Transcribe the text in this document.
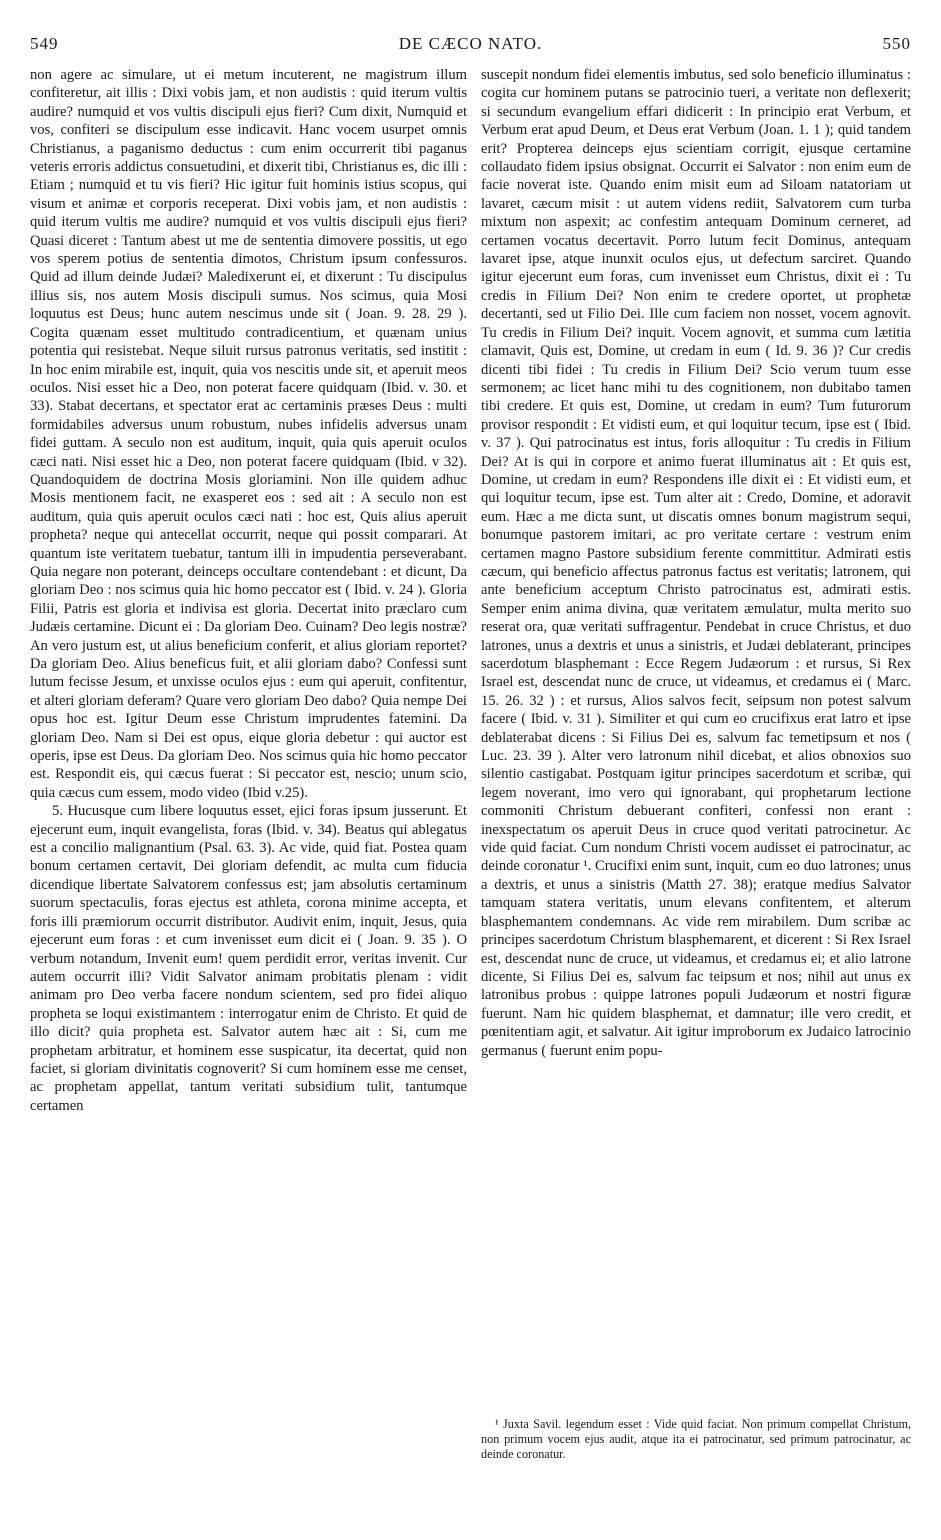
549	DE CÆCO NATO.	550

non agere ac simulare, ut ei metum incuterent, ne magistrum illum confiteretur, ait illis : Dixi vobis jam, et non audistis : quid iterum vultis audire? numquid et vos vultis discipuli ejus fieri? Cum dixit, Numquid et vos, confiteri se discipulum esse indicavit. Hanc vocem usurpet omnis Christianus, a paganismo deductus : cum enim occurrerit tibi paganus veteris erroris addictus consuetudini, et dixerit tibi, Christianus es, dic illi : Etiam ; numquid et tu vis fieri? Hic igitur fuit hominis istius scopus, qui visum et animæ et corporis receperat. Dixi vobis jam, et non audistis : quid iterum vultis me audire? numquid et vos vultis discipuli ejus fieri? Quasi diceret : Tantum abest ut me de sententia dimovere possitis, ut ego vos sperem potius de sententia dimotos, Christum ipsum confessuros. Quid ad illum deinde Judæi? Maledixerunt ei, et dixerunt : Tu discipulus illius sis, nos autem Mosis discipuli sumus. Nos scimus, quia Mosi loquutus est Deus; hunc autem nescimus unde sit ( Joan. 9. 28. 29 ). Cogita quænam esset multitudo contradicentium, et quænam unius potentia qui resistebat. Neque siluit rursus patronus veritatis, sed institit : In hoc enim mirabile est, inquit, quia vos nescitis unde sit, et aperuit meos oculos. Nisi esset hic a Deo, non poterat facere quidquam (Ibid. v. 30. et 33). Stabat decertans, et spectator erat ac certaminis præses Deus : multi formidabiles adversus unum robustum, nubes infidelis adversus unam fidei guttam. A seculo non est auditum, inquit, quia quis aperuit oculos cæci nati. Nisi esset hic a Deo, non poterat facere quidquam (Ibid. v 32). Quandoquidem de doctrina Mosis gloriamini. Non ille quidem adhuc Mosis mentionem facit, ne exasperet eos : sed ait : A seculo non est auditum, quia quis aperuit oculos cæci nati : hoc est, Quis alius aperuit propheta? neque qui antecellat occurrit, neque qui possit comparari. At quantum iste veritatem tuebatur, tantum illi in impudentia perseverabant. Quia negare non poterant, deinceps occultare contendebant : et dicunt, Da gloriam Deo : nos scimus quia hic homo peccator est ( Ibid. v. 24 ). Gloria Filii, Patris est gloria et indivisa est gloria. Decertat inito præclaro cum Judæis certamine. Dicunt ei : Da gloriam Deo. Cuinam? Deo legis nostræ? An vero justum est, ut alius beneficium conferit, et alius gloriam reportet? Da gloriam Deo. Alius beneficus fuit, et alii gloriam dabo? Confessi sunt lutum fecisse Jesum, et unxisse oculos ejus : eum qui aperuit, confitentur, et alteri gloriam deferam? Quare vero gloriam Deo dabo? Quia nempe Dei opus hoc est. Igitur Deum esse Christum imprudentes fatemini. Da gloriam Deo. Nam si Dei est opus, eique gloria debetur : qui auctor est operis, ipse est Deus. Da gloriam Deo. Nos scimus quia hic homo peccator est. Respondit eis, qui cæcus fuerat : Si peccator est, nescio; unum scio, quia cæcus cum essem, modo video (Ibid v.25).

5. Hucusque cum libere loquutus esset, ejici foras ipsum jusserunt. Et ejecerunt eum, inquit evangelista, foras (Ibid. v. 34). Beatus qui ablegatus est a concilio malignantium (Psal. 63. 3). Ac vide, quid fiat. Postea quam bonum certamen certavit, Dei gloriam defendit, ac multa cum fiducia dicendique libertate Salvatorem confessus est; jam absolutis certaminum suorum spectaculis, foras ejectus est athleta, corona minime accepta, et foris illi præmiorum occurrit distributor. Audivit enim, inquit, Jesus, quia ejecerunt eum foras : et cum invenisset eum dicit ei ( Joan. 9. 35 ). O verbum notandum, Invenit eum! quem perdidit error, veritas invenit. Cur autem occurrit illi? Vidit Salvator animam probitatis plenam : vidit animam pro Deo verba facere nondum scientem, sed pro fidei aliquo propheta se loqui existimantem : interrogatur enim de Christo. Et quid de illo dicit? quia propheta est. Salvator autem hæc ait : Si, cum me prophetam arbitratur, et hominem esse suspicatur, ita decertat, quid non faciet, si gloriam divinitatis cognoverit? Si cum hominem esse me censet, ac prophetam appellat, tantum veritati subsidium tulit, tantumque certamen

suscepit nondum fidei elementis imbutus, sed solo beneficio illuminatus : cogita cur hominem putans se patrocinio tueri, a veritate non deflexerit; si secundum evangelium effari didicerit : In principio erat Verbum, et Verbum erat apud Deum, et Deus erat Verbum (Joan. 1. 1 ); quid tandem erit? Propterea deinceps ejus scientiam corrigit, ejusque certamine collaudato fidem ipsius obsignat. Occurrit ei Salvator : non enim eum de facie noverat iste. Quando enim misit eum ad Siloam natatoriam ut lavaret, cæcum misit : ut autem videns rediit, Salvatorem cum turba mixtum non aspexit; ac confestim antequam Dominum cerneret, ad certamen vocatus decertavit. Porro lutum fecit Dominus, antequam lavaret ipse, atque inunxit oculos ejus, ut defectum sarciret. Quando igitur ejecerunt eum foras, cum invenisset eum Christus, dixit ei : Tu credis in Filium Dei? Non enim te credere oportet, ut prophetæ decertanti, sed ut Filio Dei. Ille cum faciem non nosset, vocem agnovit. Tu credis in Filium Dei? inquit. Vocem agnovit, et summa cum lætitia clamavit, Quis est, Domine, ut credam in eum ( Id. 9. 36 )? Cur credis dicenti tibi fidei : Tu credis in Filium Dei? Scio verum tuum esse sermonem; ac licet hanc mihi tu des cognitionem, non dubitabo tamen tibi credere. Et quis est, Domine, ut credam in eum? Tum futurorum provisor respondit : Et vidisti eum, et qui loquitur tecum, ipse est ( Ibid. v. 37 ). Qui patrocinatus est intus, foris alloquitur : Tu credis in Filium Dei? At is qui in corpore et animo fuerat illuminatus ait : Et quis est, Domine, ut credam in eum? Respondens ille dixit ei : Et vidisti eum, et qui loquitur tecum, ipse est. Tum alter ait : Credo, Domine, et adoravit eum. Hæc a me dicta sunt, ut discatis omnes bonum magistrum sequi, bonumque pastorem imitari, ac pro veritate certare : vestrum enim certamen magno Pastore subsidium ferente committitur. Admirati estis cæcum, qui beneficio affectus patronus factus est veritatis; latronem, qui ante beneficium acceptum Christo patrocinatus est, admirati estis. Semper enim anima divina, quæ veritatem æmulatur, multa merito suo reserat ora, quæ veritati suffragentur. Pendebat in cruce Christus, et duo latrones, unus a dextris et unus a sinistris, et Judæi deblaterant, principes sacerdotum blasphemant : Ecce Regem Judæorum : et rursus, Si Rex Israel est, descendat nunc de cruce, ut videamus, et credamus ei ( Marc. 15. 26. 32 ) : et rursus, Alios salvos fecit, seipsum non potest salvum facere ( Ibid. v. 31 ). Similiter et qui cum eo crucifixus erat latro et ipse deblaterabat dicens : Si Filius Dei es, salvum fac temetipsum et nos ( Luc. 23. 39 ). Alter vero latronum nihil dicebat, et alios obnoxios suo silentio castigabat. Postquam igitur principes sacerdotum et scribæ, qui legem noverant, imo vero qui ignorabant, qui prophetarum lectione commoniti Christum debuerant confiteri, confessi non erant : inexspectatum os aperuit Deus in cruce quod veritati patrocinetur. Ac vide quid faciat. Cum nondum Christi vocem audisset ei patrocinatur, ac deinde coronatur ¹. Crucifixi enim sunt, inquit, cum eo duo latrones; unus a dextris, et unus a sinistris (Matth 27. 38); eratque medius Salvator tamquam statera veritatis, unum elevans confitentem, et alterum blasphemantem condemnans. Ac vide rem mirabilem. Dum scribæ ac principes sacerdotum Christum blasphemarent, et dicerent : Si Rex Israel est, descendat nunc de cruce, ut videamus, et credamus ei; et alio latrone dicente, Si Filius Dei es, salvum fac teipsum et nos; nihil aut unus ex latronibus probus : quippe latrones populi Judæorum et nostri figuræ fuerunt. Nam hic quidem blasphemat, et damnatur; ille vero credit, et pœnitentiam agit, et salvatur. Ait igitur improborum ex Judaico latrocinio germanus ( fuerunt enim popu-

¹ Juxta Savil. legendum esset : Vide quid faciat. Non primum compellat Christum, non primum vocem ejus audit, atque ita ei patrocinatur, sed primum patrocinatur, ac deinde coronatur.
